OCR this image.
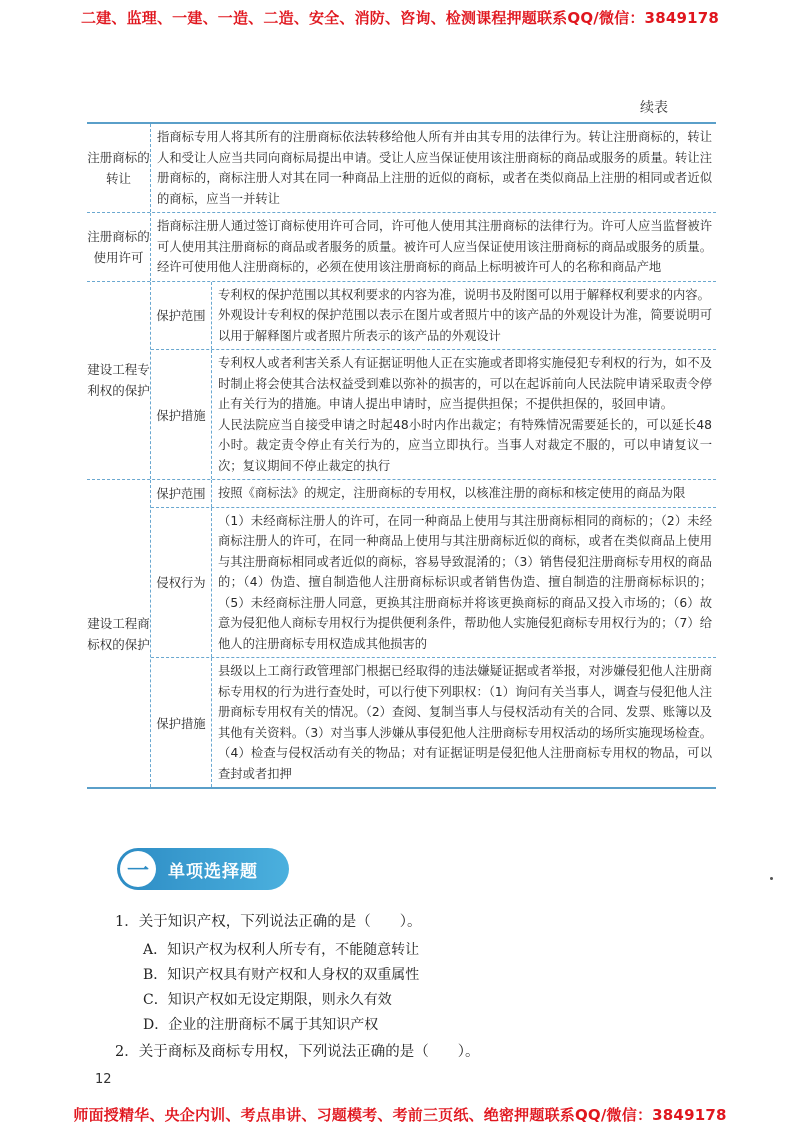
二建、监理、一建、一造、二造、安全、消防、咨询、检测课程押题联系QQ/微信：3849178
续表
注册商标的转让
指商标专用人将其所有的注册商标依法转移给他人所有并由其专用的法律行为。转让注册商标的，转让人和受让人应当共同向商标局提出申请。受让人应当保证使用该注册商标的商品或服务的质量。转让注册商标的，商标注册人对其在同一种商品上注册的近似的商标，或者在类似商品上注册的相同或者近似的商标，应当一并转让
注册商标的使用许可
指商标注册人通过签订商标使用许可合同，许可他人使用其注册商标的法律行为。许可人应当监督被许可人使用其注册商标的商品或者服务的质量。被许可人应当保证使用该注册商标的商品或服务的质量。经许可使用他人注册商标的，必须在使用该注册商标的商品上标明被许可人的名称和商品产地
建设工程专利权的保护
保护范围

专利权的保护范围以其权利要求的内容为准，说明书及附图可以用于解释权利要求的内容。

外观设计专利权的保护范围以表示在图片或者照片中的该产品的外观设计为准，简要说明可以用于解释图片或者照片所表示的该产品的外观设计

保护措施

专利权人或者利害关系人有证据证明他人正在实施或者即将实施侵犯专利权的行为，如不及时制止将会使其合法权益受到难以弥补的损害的，可以在起诉前向人民法院申请采取责令停止有关行为的措施。申请人提出申请时，应当提供担保；不提供担保的，驳回申请。

人民法院应当自接受申请之时起48小时内作出裁定；有特殊情况需要延长的，可以延长48小时。裁定责令停止有关行为的，应当立即执行。当事人对裁定不服的，可以申请复议一次；复议期间不停止裁定的执行

建设工程商标权的保护
保护范围	按照《商标法》的规定，注册商标的专用权，以核准注册的商标和核定使用的商品为限
侵权行为
（1）未经商标注册人的许可，在同一种商品上使用与其注册商标相同的商标的；（2）未经商标注册人的许可，在同一种商品上使用与其注册商标近似的商标，或者在类似商品上使用与其注册商标相同或者近似的商标，容易导致混淆的；（3）销售侵犯注册商标专用权的商品的；（4）伪造、擅自制造他人注册商标标识或者销售伪造、擅自制造的注册商标标识的；（5）未经商标注册人同意，更换其注册商标并将该更换商标的商品又投入市场的；（6）故意为侵犯他人商标专用权行为提供便利条件，帮助他人实施侵犯商标专用权行为的；（7）给他人的注册商标专用权造成其他损害的
保护措施
县级以上工商行政管理部门根据已经取得的违法嫌疑证据或者举报，对涉嫌侵犯他人注册商标专用权的行为进行查处时，可以行使下列职权：（1）询问有关当事人，调查与侵犯他人注册商标专用权有关的情况。（2）查阅、复制当事人与侵权活动有关的合同、发票、账簿以及其他有关资料。（3）对当事人涉嫌从事侵犯他人注册商标专用权活动的场所实施现场检查。（4）检查与侵权活动有关的物品；对有证据证明是侵犯他人注册商标专用权的物品，可以查封或者扣押
一	单项选择题
1．关于知识产权，下列说法正确的是（　　）。
A．知识产权为权利人所专有，不能随意转让
B．知识产权具有财产权和人身权的双重属性
C．知识产权如无设定期限，则永久有效
D．企业的注册商标不属于其知识产权
2．关于商标及商标专用权，下列说法正确的是（　　）。
12
师面授精华、央企内训、考点串讲、习题模考、考前三页纸、绝密押题联系QQ/微信：3849178
